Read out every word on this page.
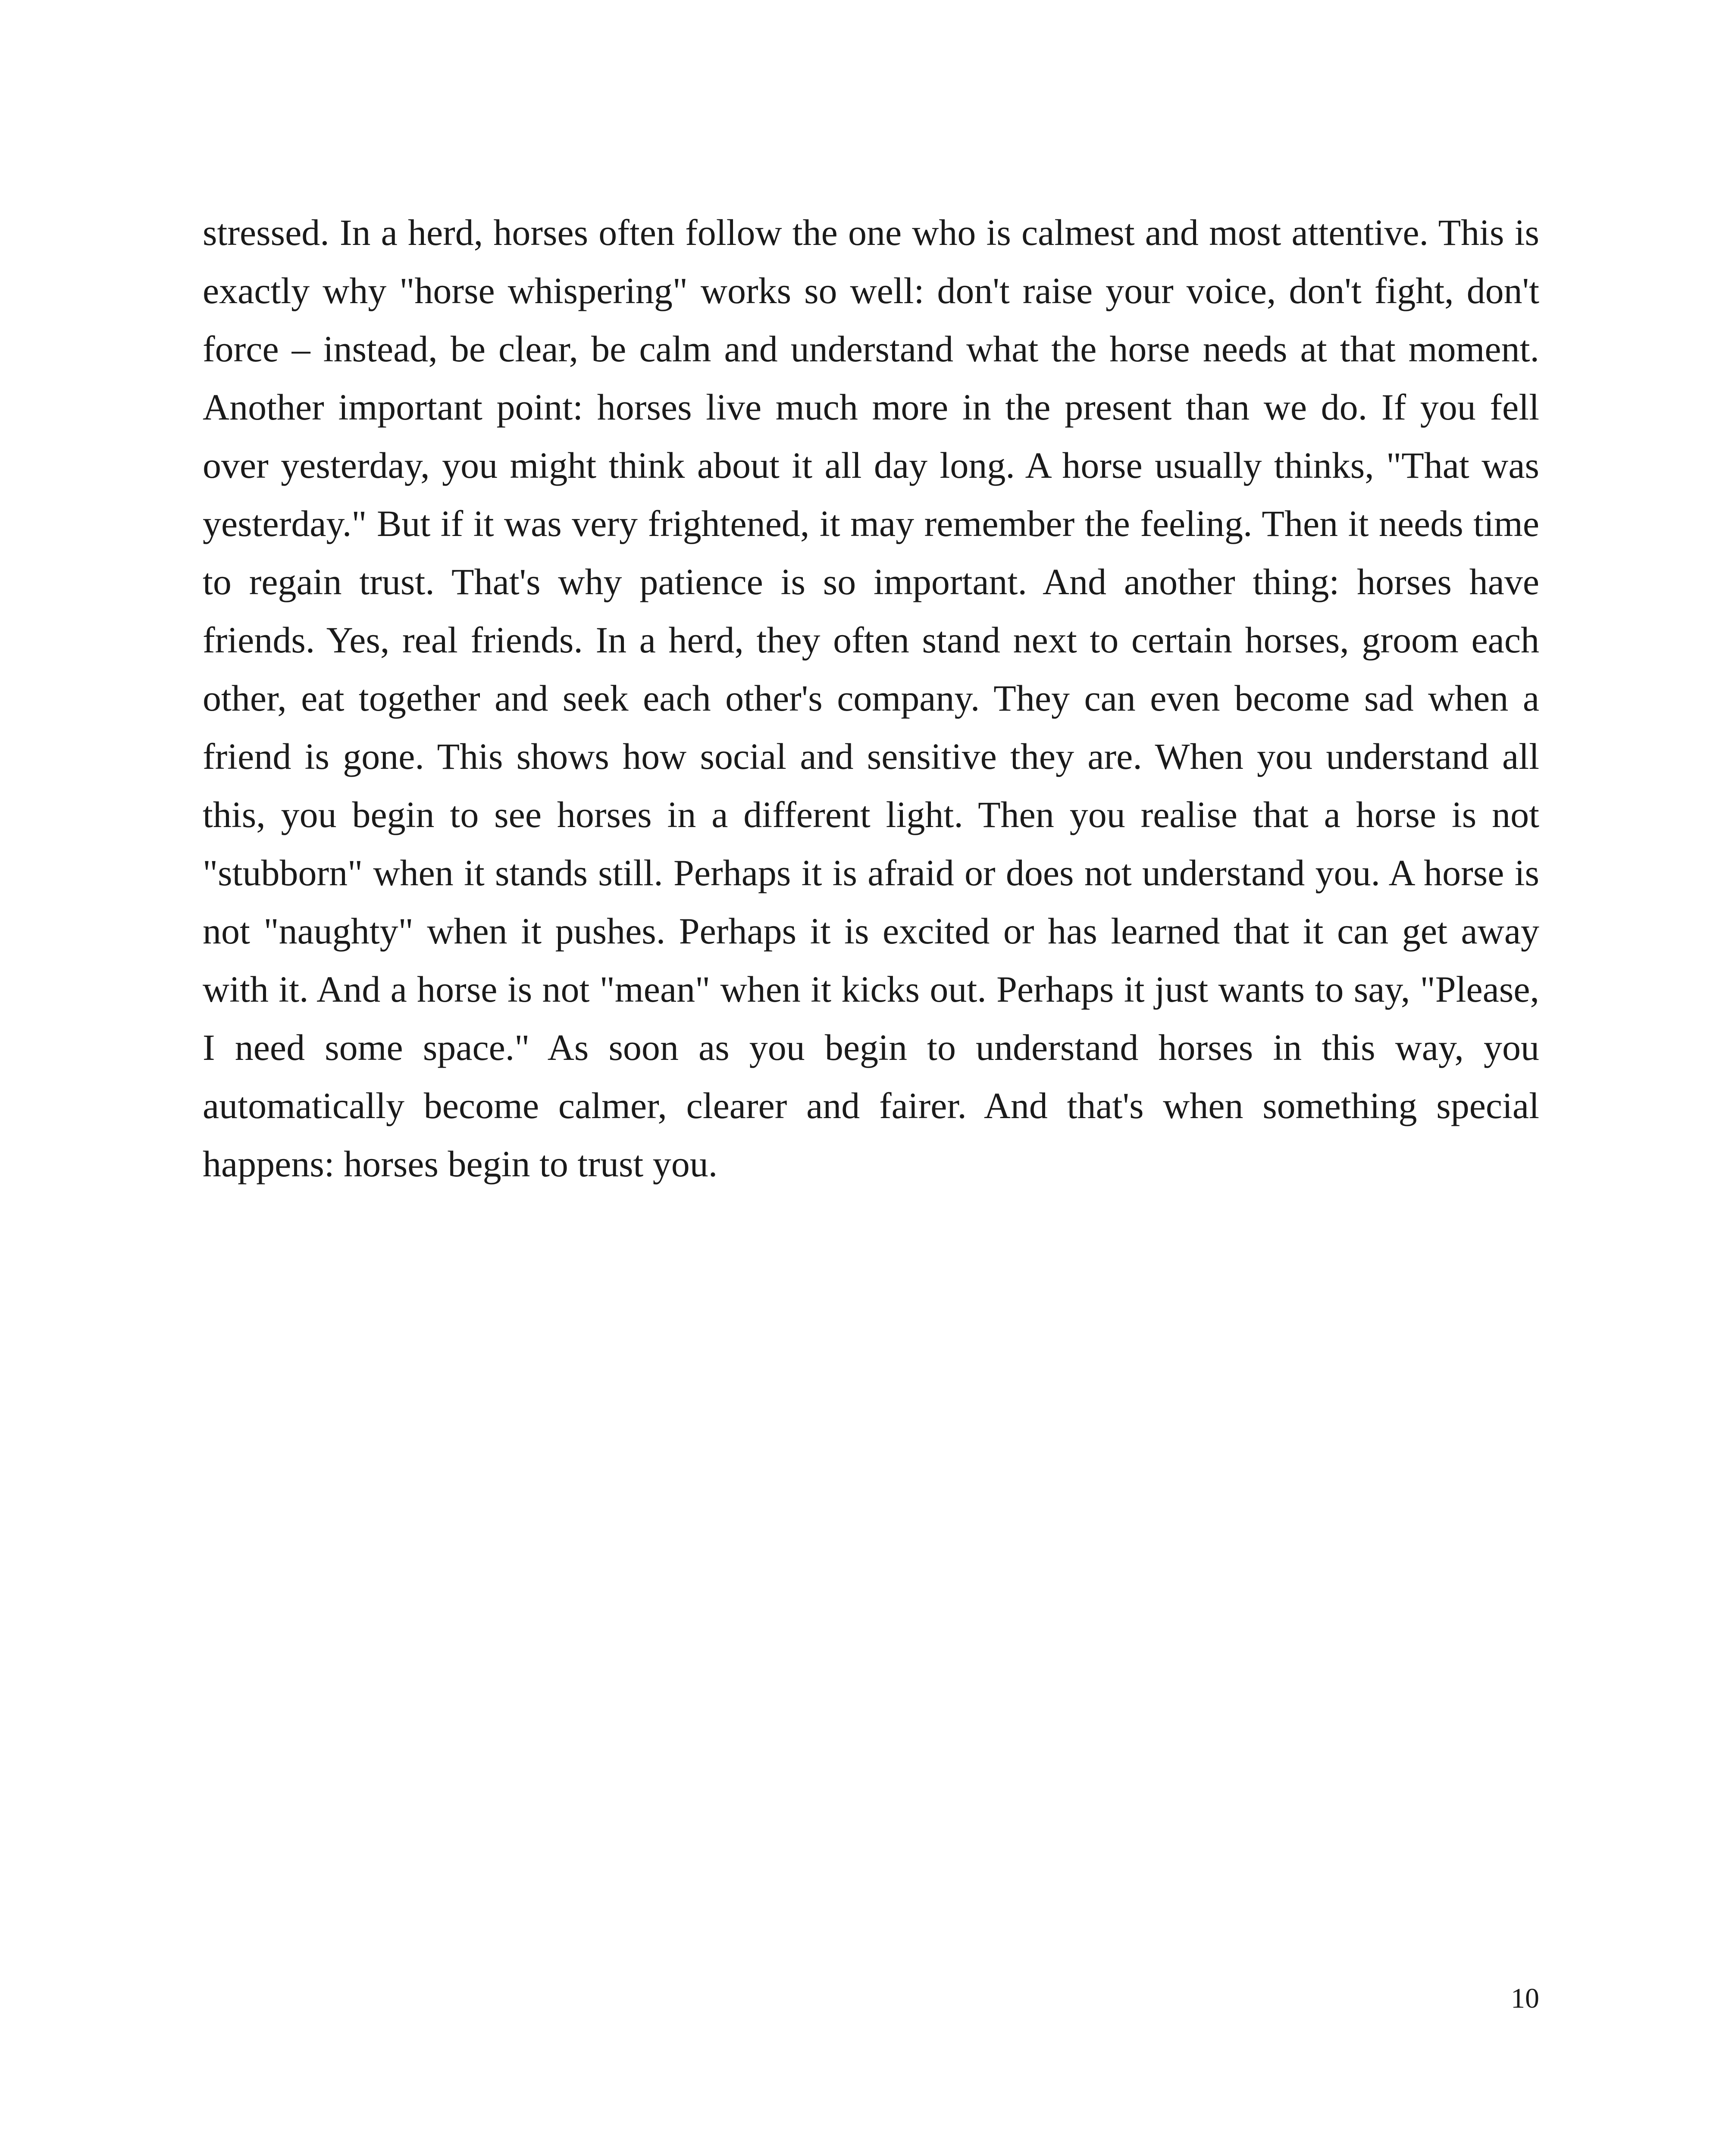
stressed. In a herd, horses often follow the one who is calmest and most attentive. This is exactly why "horse whispering" works so well: don't raise your voice, don't fight, don't force – instead, be clear, be calm and understand what the horse needs at that moment. Another important point: horses live much more in the present than we do. If you fell over yesterday, you might think about it all day long. A horse usually thinks, "That was yesterday." But if it was very frightened, it may remember the feeling. Then it needs time to regain trust. That's why patience is so important. And another thing: horses have friends. Yes, real friends. In a herd, they often stand next to certain horses, groom each other, eat together and seek each other's company. They can even become sad when a friend is gone. This shows how social and sensitive they are. When you understand all this, you begin to see horses in a different light. Then you realise that a horse is not "stubborn" when it stands still. Perhaps it is afraid or does not understand you. A horse is not "naughty" when it pushes. Perhaps it is excited or has learned that it can get away with it. And a horse is not "mean" when it kicks out. Perhaps it just wants to say, "Please, I need some space." As soon as you begin to understand horses in this way, you automatically become calmer, clearer and fairer. And that's when something special happens: horses begin to trust you.

10
